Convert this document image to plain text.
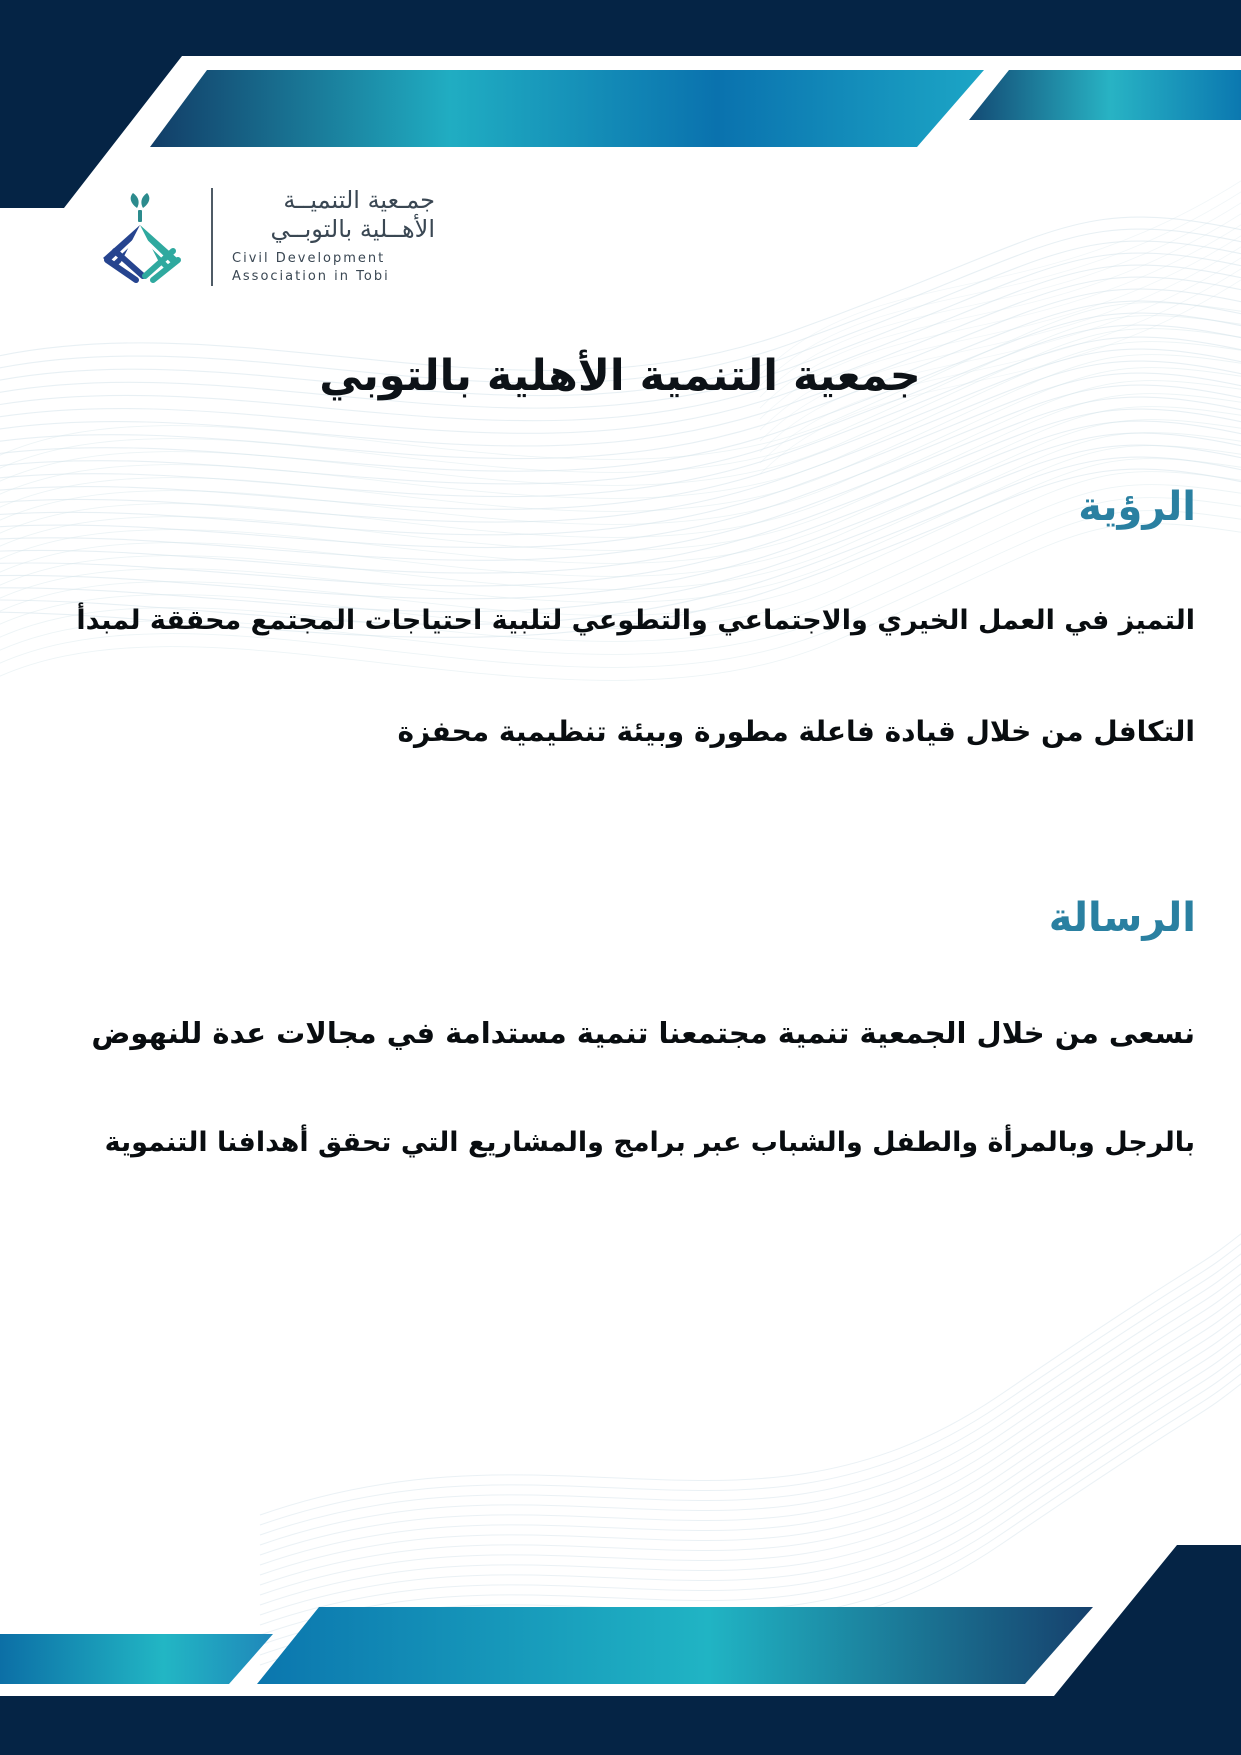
جمـعية التنميــة
الأهــلية بالتوبــي
Civil Development
Association in Tobi
جمعية التنمية الأهلية بالتوبي
الرؤية

التميز في العمل الخيري والاجتماعي والتطوعي لتلبية احتياجات المجتمع محققة لمبدأ

التكافل من خلال قيادة فاعلة مطورة وبيئة تنظيمية محفزة

الرسالة

نسعى من خلال الجمعية تنمية مجتمعنا تنمية مستدامة في مجالات عدة للنهوض

بالرجل وبالمرأة والطفل والشباب عبر برامج والمشاريع التي تحقق أهدافنا التنموية
